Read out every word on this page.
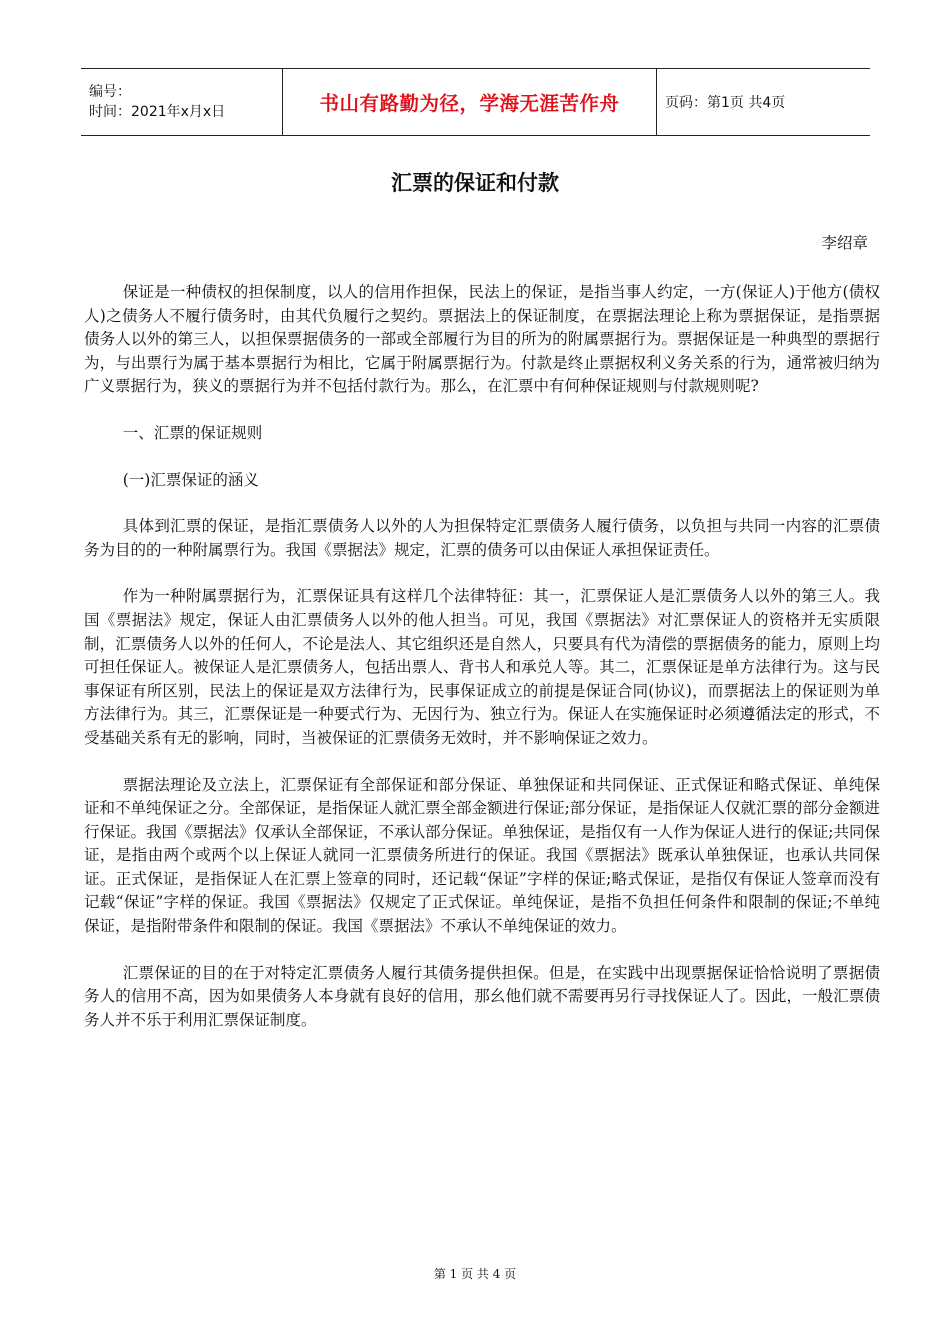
编号：
时间：2021年x月x日	书山有路勤为径，学海无涯苦作舟	页码：第1页 共4页
汇票的保证和付款
李绍章

保证是一种债权的担保制度，以人的信用作担保，民法上的保证，是指当事人约定，一方(保证人)于他方(债权人)之债务人不履行债务时，由其代负履行之契约。票据法上的保证制度，在票据法理论上称为票据保证，是指票据债务人以外的第三人，以担保票据债务的一部或全部履行为目的所为的附属票据行为。票据保证是一种典型的票据行为，与出票行为属于基本票据行为相比，它属于附属票据行为。付款是终止票据权利义务关系的行为，通常被归纳为广义票据行为，狭义的票据行为并不包括付款行为。那么，在汇票中有何种保证规则与付款规则呢?

一、汇票的保证规则

(一)汇票保证的涵义

具体到汇票的保证，是指汇票债务人以外的人为担保特定汇票债务人履行债务，以负担与共同一内容的汇票债务为目的的一种附属票行为。我国《票据法》规定，汇票的债务可以由保证人承担保证责任。

作为一种附属票据行为，汇票保证具有这样几个法律特征：其一，汇票保证人是汇票债务人以外的第三人。我国《票据法》规定，保证人由汇票债务人以外的他人担当。可见，我国《票据法》对汇票保证人的资格并无实质限制，汇票债务人以外的任何人，不论是法人、其它组织还是自然人，只要具有代为清偿的票据债务的能力，原则上均可担任保证人。被保证人是汇票债务人，包括出票人、背书人和承兑人等。其二，汇票保证是单方法律行为。这与民事保证有所区别，民法上的保证是双方法律行为，民事保证成立的前提是保证合同(协议)，而票据法上的保证则为单方法律行为。其三，汇票保证是一种要式行为、无因行为、独立行为。保证人在实施保证时必须遵循法定的形式，不受基础关系有无的影响，同时，当被保证的汇票债务无效时，并不影响保证之效力。

票据法理论及立法上，汇票保证有全部保证和部分保证、单独保证和共同保证、正式保证和略式保证、单纯保证和不单纯保证之分。全部保证，是指保证人就汇票全部金额进行保证;部分保证，是指保证人仅就汇票的部分金额进行保证。我国《票据法》仅承认全部保证，不承认部分保证。单独保证，是指仅有一人作为保证人进行的保证;共同保证，是指由两个或两个以上保证人就同一汇票债务所进行的保证。我国《票据法》既承认单独保证，也承认共同保证。正式保证，是指保证人在汇票上签章的同时，还记载“保证”字样的保证;略式保证，是指仅有保证人签章而没有记载“保证”字样的保证。我国《票据法》仅规定了正式保证。单纯保证，是指不负担任何条件和限制的保证;不单纯保证，是指附带条件和限制的保证。我国《票据法》不承认不单纯保证的效力。

汇票保证的目的在于对特定汇票债务人履行其债务提供担保。但是，在实践中出现票据保证恰恰说明了票据债务人的信用不高，因为如果债务人本身就有良好的信用，那幺他们就不需要再另行寻找保证人了。因此，一般汇票债务人并不乐于利用汇票保证制度。

第 1 页 共 4 页
